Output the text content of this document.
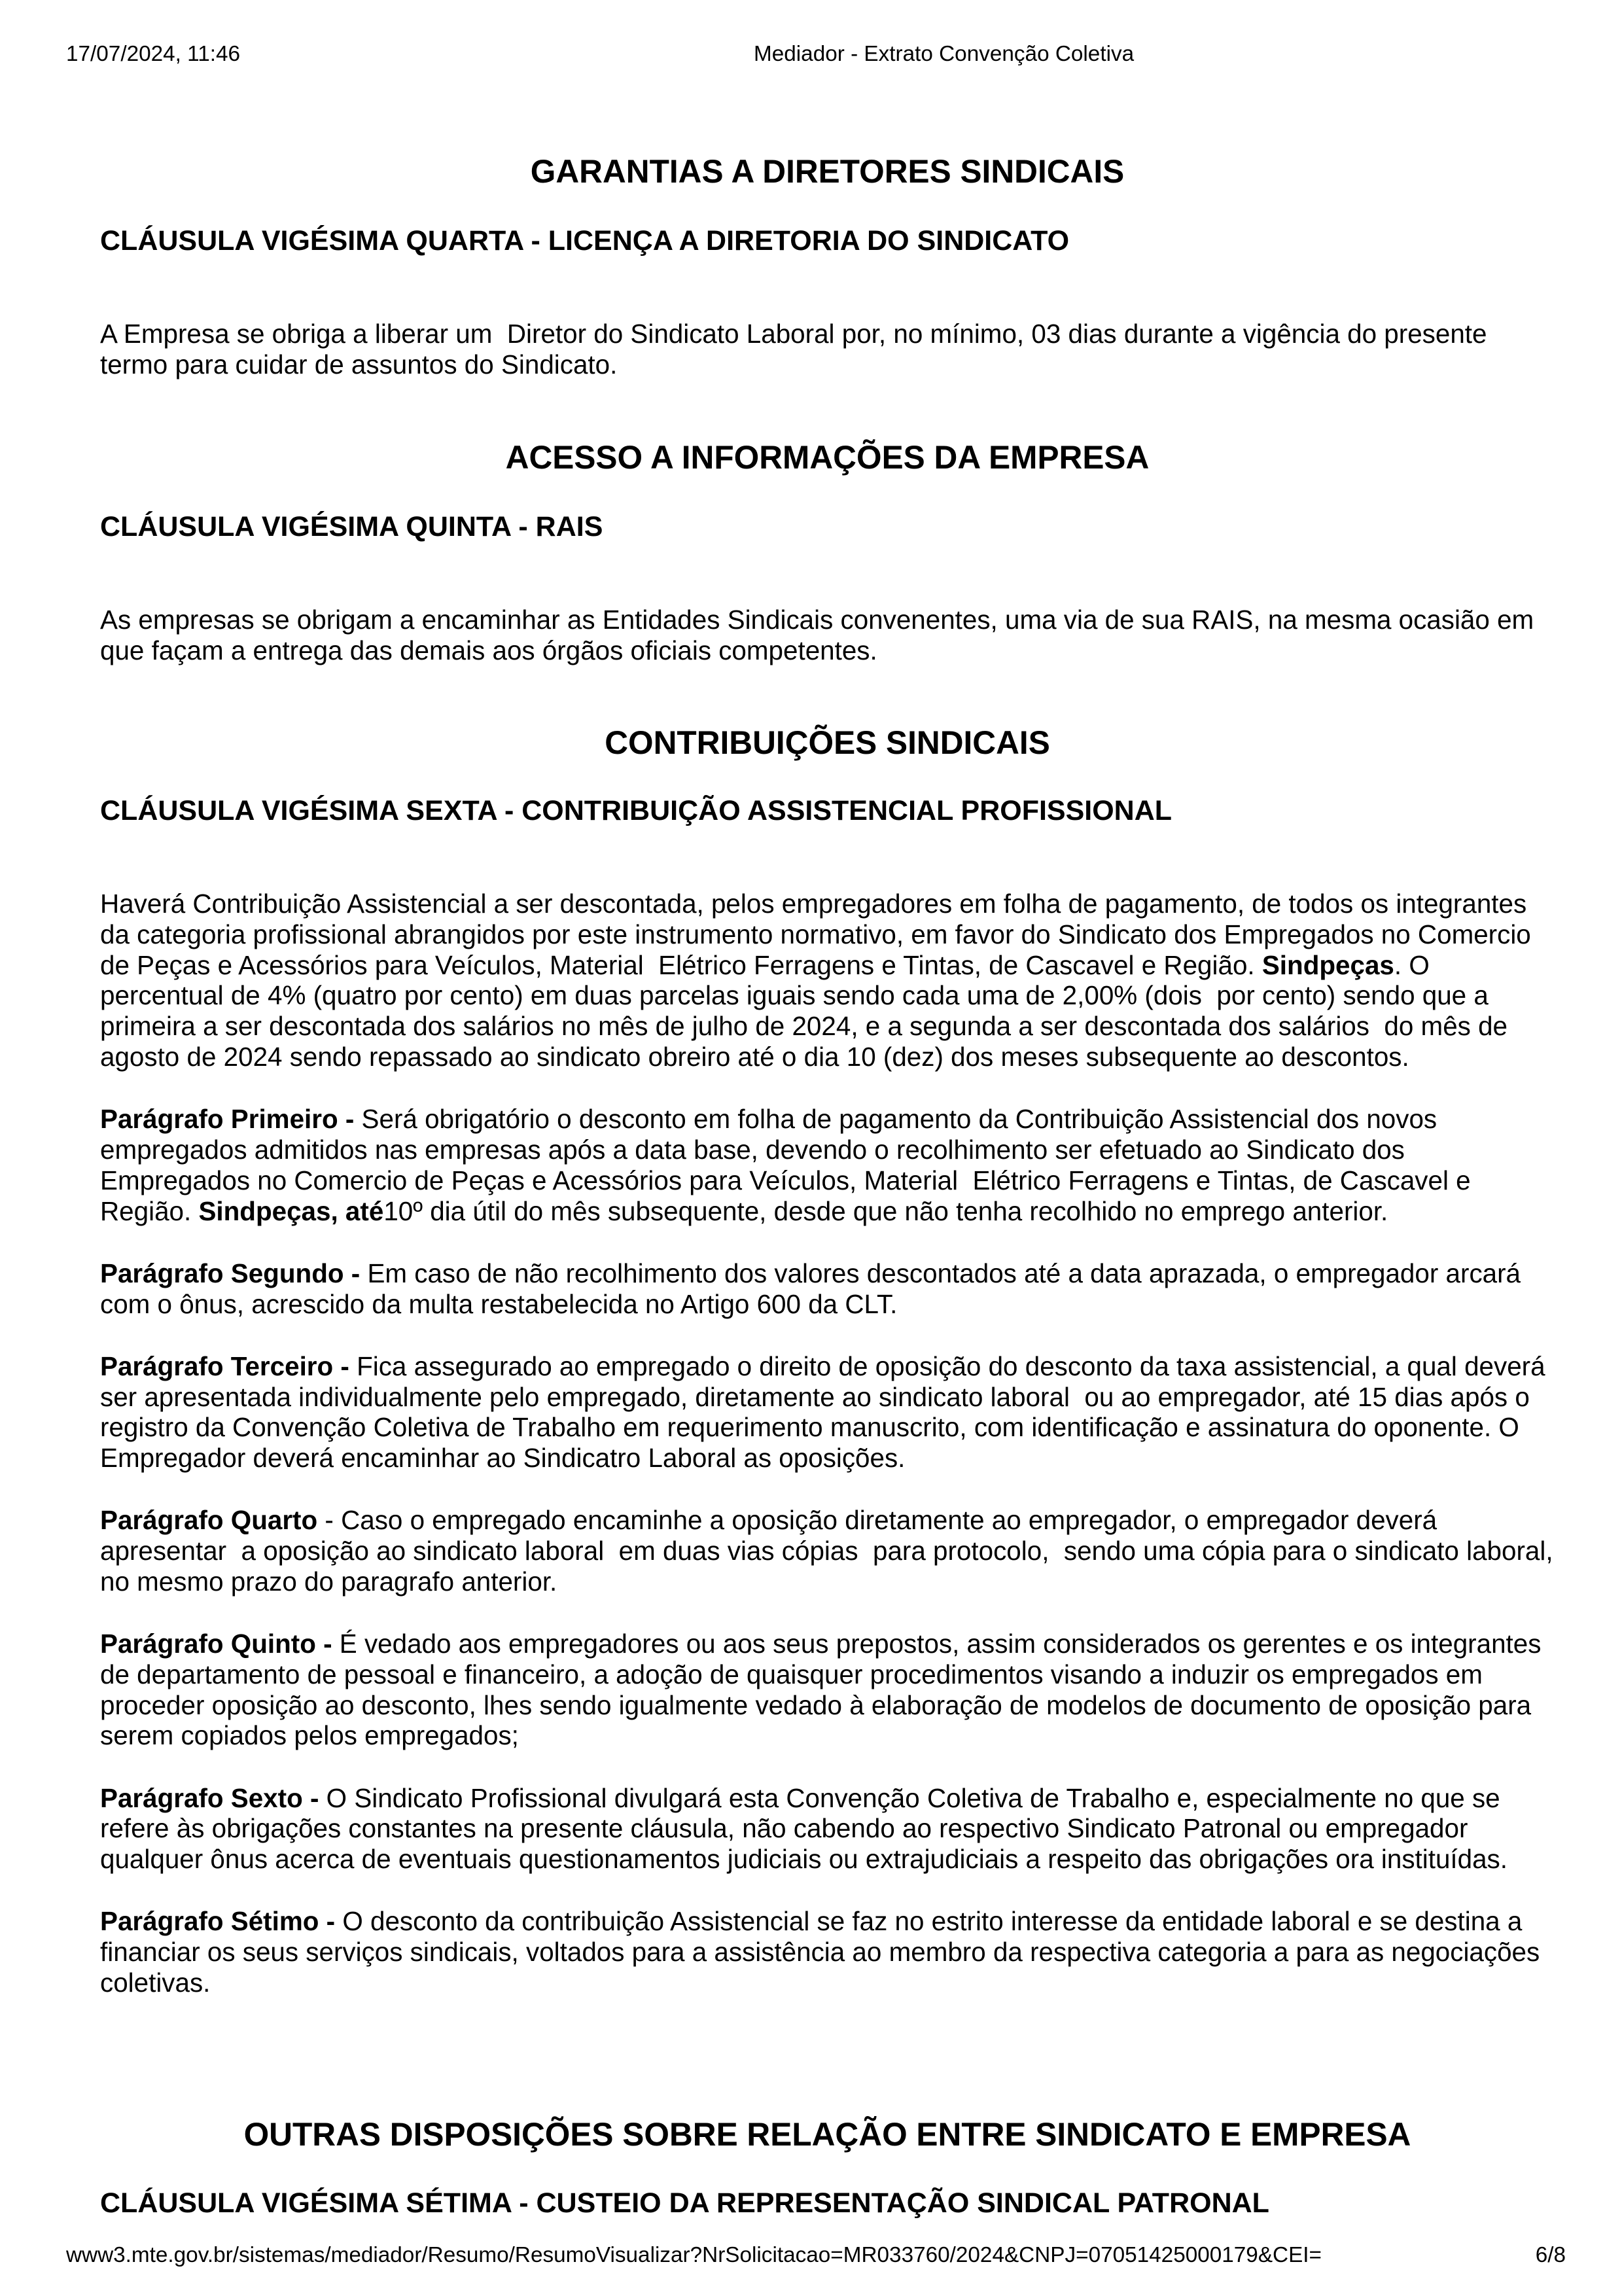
17/07/2024, 11:46	Mediador - Extrato Convenção Coletiva
GARANTIAS A DIRETORES SINDICAIS
CLÁUSULA VIGÉSIMA QUARTA - LICENÇA A DIRETORIA DO SINDICATO

A Empresa se obriga a liberar um  Diretor do Sindicato Laboral por, no mínimo, 03 dias durante a vigência do presente termo para cuidar de assuntos do Sindicato.

ACESSO A INFORMAÇÕES DA EMPRESA
CLÁUSULA VIGÉSIMA QUINTA - RAIS

As empresas se obrigam a encaminhar as Entidades Sindicais convenentes, uma via de sua RAIS, na mesma ocasião em que façam a entrega das demais aos órgãos oficiais competentes.

CONTRIBUIÇÕES SINDICAIS
CLÁUSULA VIGÉSIMA SEXTA - CONTRIBUIÇÃO ASSISTENCIAL PROFISSIONAL

Haverá Contribuição Assistencial a ser descontada, pelos empregadores em folha de pagamento, de todos os integrantes da categoria profissional abrangidos por este instrumento normativo, em favor do Sindicato dos Empregados no Comercio de Peças e Acessórios para Veículos, Material  Elétrico Ferragens e Tintas, de Cascavel e Região. Sindpeças. O percentual de 4% (quatro por cento) em duas parcelas iguais sendo cada uma de 2,00% (dois  por cento) sendo que a primeira a ser descontada dos salários no mês de julho de 2024, e a segunda a ser descontada dos salários  do mês de agosto de 2024 sendo repassado ao sindicato obreiro até o dia 10 (dez) dos meses subsequente ao descontos.

Parágrafo Primeiro - Será obrigatório o desconto em folha de pagamento da Contribuição Assistencial dos novos empregados admitidos nas empresas após a data base, devendo o recolhimento ser efetuado ao Sindicato dos Empregados no Comercio de Peças e Acessórios para Veículos, Material  Elétrico Ferragens e Tintas, de Cascavel e Região. Sindpeças, até10º dia útil do mês subsequente, desde que não tenha recolhido no emprego anterior.

Parágrafo Segundo - Em caso de não recolhimento dos valores descontados até a data aprazada, o empregador arcará com o ônus, acrescido da multa restabelecida no Artigo 600 da CLT.

Parágrafo Terceiro - Fica assegurado ao empregado o direito de oposição do desconto da taxa assistencial, a qual deverá ser apresentada individualmente pelo empregado, diretamente ao sindicato laboral  ou ao empregador, até 15 dias após o registro da Convenção Coletiva de Trabalho em requerimento manuscrito, com identificação e assinatura do oponente. O Empregador deverá encaminhar ao Sindicatro Laboral as oposições.

Parágrafo Quarto - Caso o empregado encaminhe a oposição diretamente ao empregador, o empregador deverá apresentar  a oposição ao sindicato laboral  em duas vias cópias  para protocolo,  sendo uma cópia para o sindicato laboral, no mesmo prazo do paragrafo anterior.

Parágrafo Quinto - É vedado aos empregadores ou aos seus prepostos, assim considerados os gerentes e os integrantes de departamento de pessoal e financeiro, a adoção de quaisquer procedimentos visando a induzir os empregados em proceder oposição ao desconto, lhes sendo igualmente vedado à elaboração de modelos de documento de oposição para serem copiados pelos empregados;

Parágrafo Sexto - O Sindicato Profissional divulgará esta Convenção Coletiva de Trabalho e, especialmente no que se refere às obrigações constantes na presente cláusula, não cabendo ao respectivo Sindicato Patronal ou empregador qualquer ônus acerca de eventuais questionamentos judiciais ou extrajudiciais a respeito das obrigações ora instituídas.

Parágrafo Sétimo - O desconto da contribuição Assistencial se faz no estrito interesse da entidade laboral e se destina a financiar os seus serviços sindicais, voltados para a assistência ao membro da respectiva categoria a para as negociações coletivas.

OUTRAS DISPOSIÇÕES SOBRE RELAÇÃO ENTRE SINDICATO E EMPRESA
CLÁUSULA VIGÉSIMA SÉTIMA - CUSTEIO DA REPRESENTAÇÃO SINDICAL PATRONAL
www3.mte.gov.br/sistemas/mediador/Resumo/ResumoVisualizar?NrSolicitacao=MR033760/2024&CNPJ=07051425000179&CEI=	6/8
